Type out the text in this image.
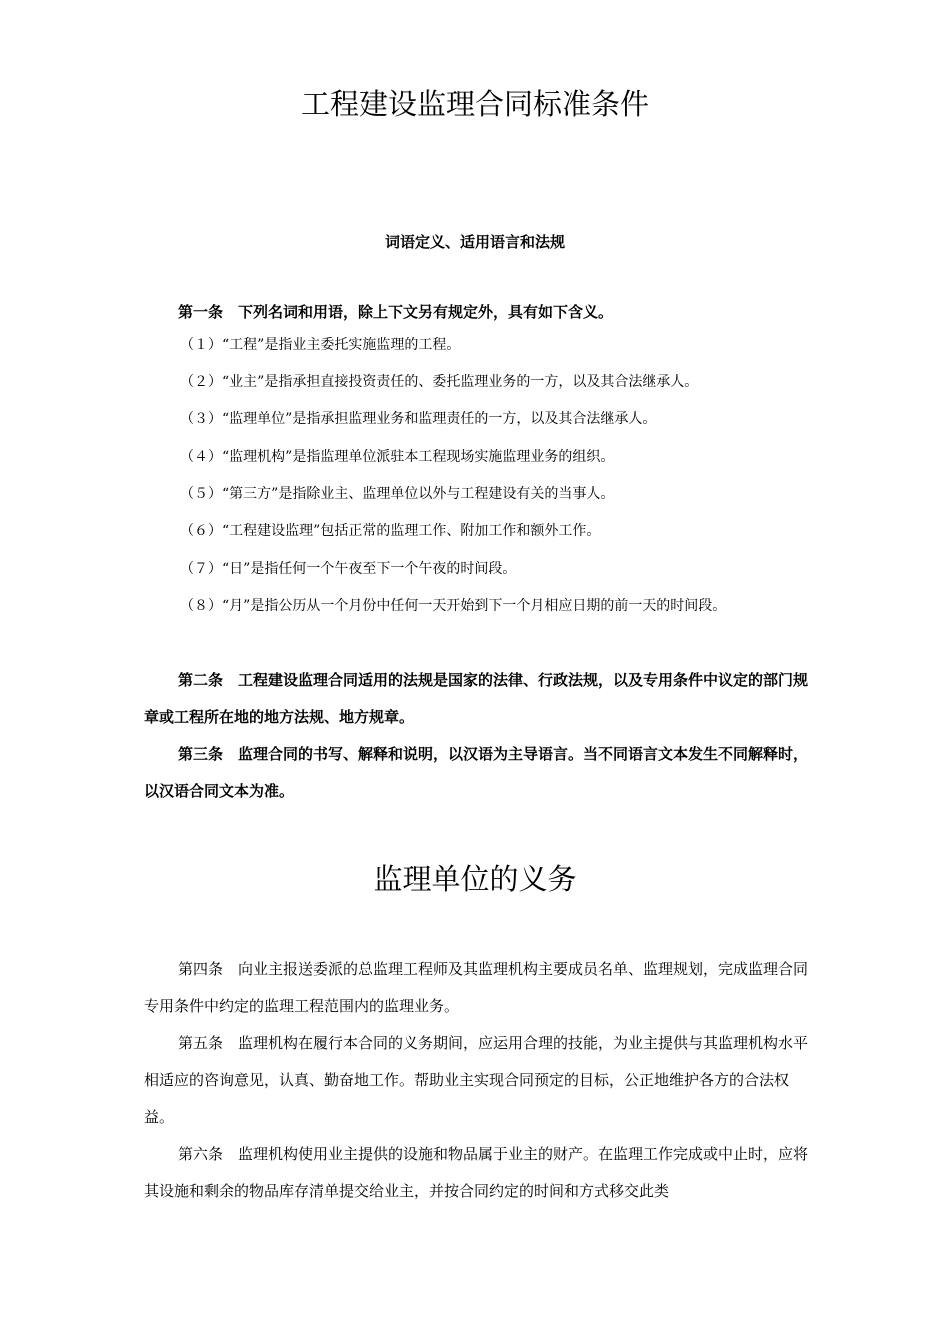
工程建设监理合同标准条件
词语定义、适用语言和法规

第一条　下列名词和用语，除上下文另有规定外，具有如下含义。

（１）“工程”是指业主委托实施监理的工程。

（２）“业主”是指承担直接投资责任的、委托监理业务的一方，以及其合法继承人。

（３）“监理单位”是指承担监理业务和监理责任的一方，以及其合法继承人。

（４）“监理机构”是指监理单位派驻本工程现场实施监理业务的组织。

（５）“第三方”是指除业主、监理单位以外与工程建设有关的当事人。

（６）“工程建设监理”包括正常的监理工作、附加工作和额外工作。

（７）“日”是指任何一个午夜至下一个午夜的时间段。

（８）“月”是指公历从一个月份中任何一天开始到下一个月相应日期的前一天的时间段。

第二条　工程建设监理合同适用的法规是国家的法律、行政法规，以及专用条件中议定的部门规章或工程所在地的地方法规、地方规章。

第三条　监理合同的书写、解释和说明，以汉语为主导语言。当不同语言文本发生不同解释时，以汉语合同文本为准。

监理单位的义务

第四条　向业主报送委派的总监理工程师及其监理机构主要成员名单、监理规划，完成监理合同专用条件中约定的监理工程范围内的监理业务。

第五条　监理机构在履行本合同的义务期间，应运用合理的技能，为业主提供与其监理机构水平相适应的咨询意见，认真、勤奋地工作。帮助业主实现合同预定的目标，公正地维护各方的合法权益。

第六条　监理机构使用业主提供的设施和物品属于业主的财产。在监理工作完成或中止时，应将其设施和剩余的物品库存清单提交给业主，并按合同约定的时间和方式移交此类
